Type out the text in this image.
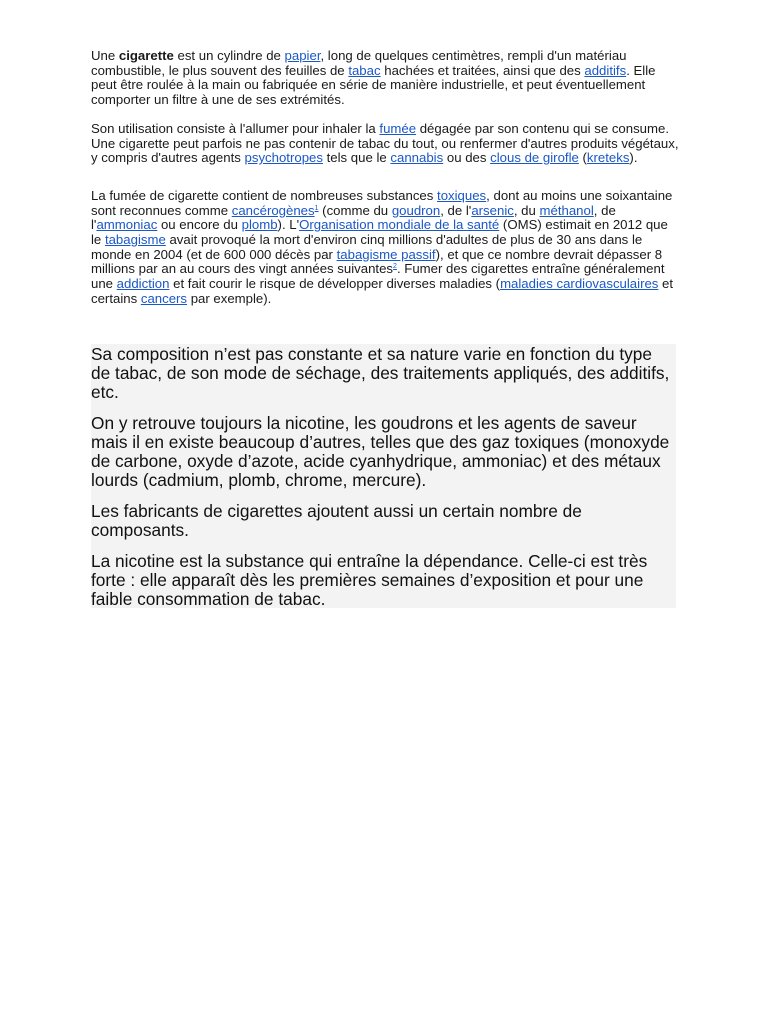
Une cigarette est un cylindre de papier, long de quelques centimètres, rempli d'un matériau combustible, le plus souvent des feuilles de tabac hachées et traitées, ainsi que des additifs. Elle peut être roulée à la main ou fabriquée en série de manière industrielle, et peut éventuellement comporter un filtre à une de ses extrémités.

Son utilisation consiste à l'allumer pour inhaler la fumée dégagée par son contenu qui se consume. Une cigarette peut parfois ne pas contenir de tabac du tout, ou renfermer d'autres produits végétaux, y compris d'autres agents psychotropes tels que le cannabis ou des clous de girofle (kreteks).

La fumée de cigarette contient de nombreuses substances toxiques, dont au moins une soixantaine sont reconnues comme cancérogènes$^1$ (comme du goudron, de l'arsenic, du méthanol, de l'ammoniac ou encore du plomb). L'Organisation mondiale de la santé (OMS) estimait en 2012 que le tabagisme avait provoqué la mort d'environ cinq millions d'adultes de plus de 30 ans dans le monde en 2004 (et de 600 000 décès par tabagisme passif), et que ce nombre devrait dépasser 8 millions par an au cours des vingt années suivantes$^2$. Fumer des cigarettes entraîne généralement une addiction et fait courir le risque de développer diverses maladies (maladies cardiovasculaires et certains cancers par exemple).

Sa composition n’est pas constante et sa nature varie en fonction du type de tabac, de son mode de séchage, des traitements appliqués, des additifs, etc.

On y retrouve toujours la nicotine, les goudrons et les agents de saveur mais il en existe beaucoup d’autres, telles que des gaz toxiques (monoxyde de carbone, oxyde d’azote, acide cyanhydrique, ammoniac) et des métaux lourds (cadmium, plomb, chrome, mercure).

Les fabricants de cigarettes ajoutent aussi un certain nombre de composants.

La nicotine est la substance qui entraîne la dépendance. Celle-ci est très forte : elle apparaît dès les premières semaines d’exposition et pour une faible consommation de tabac.
